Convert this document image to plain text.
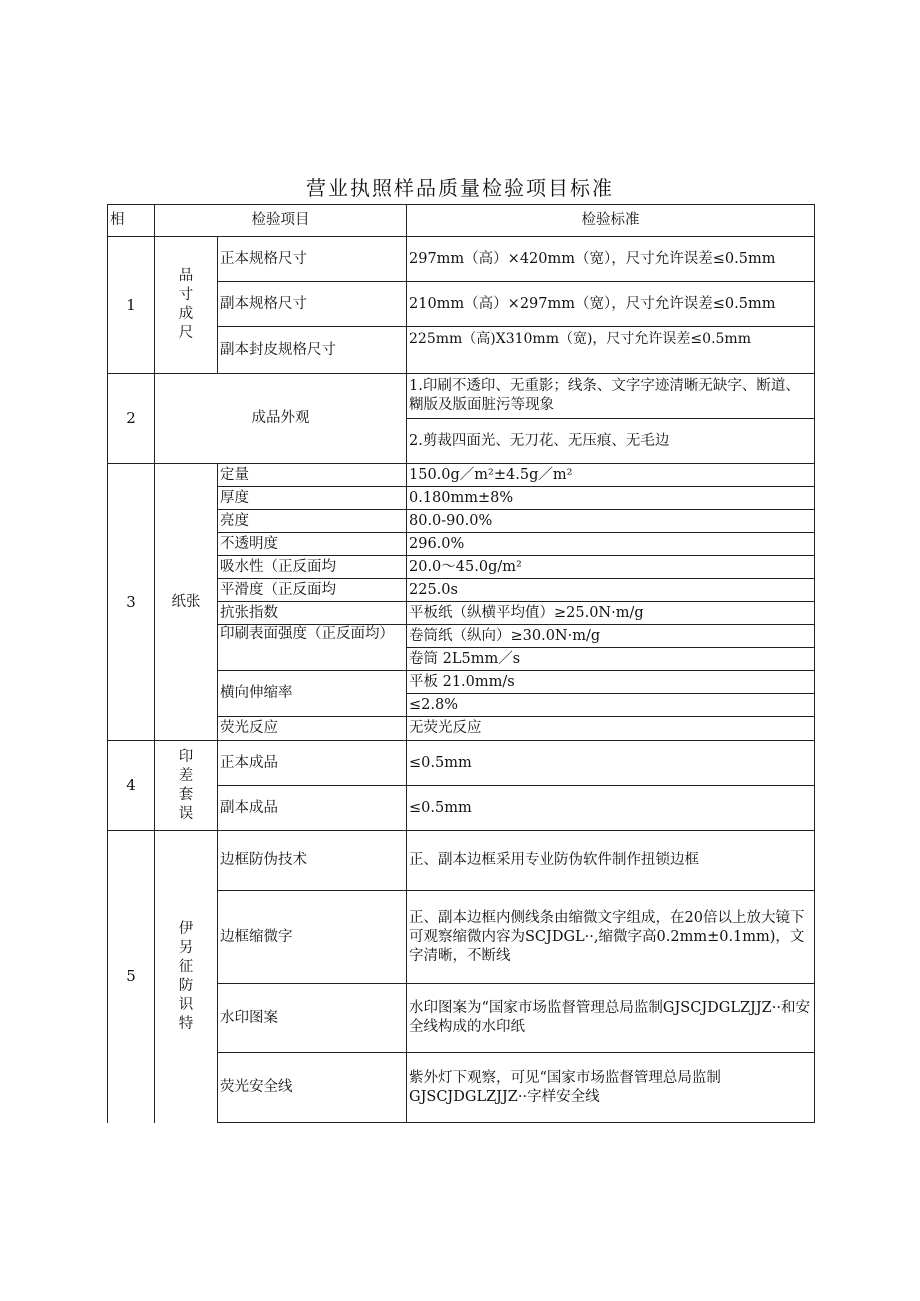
营业执照样品质量检验项目标准
相	检验项目		检验标准
1	品寸成尺	正本规格尺寸	297mm（高）×420mm（宽），尺寸允许误差≤0.5mm
		副本规格尺寸	210mm（高）×297mm（宽），尺寸允许误差≤0.5mm
		副本封皮规格尺寸	225mm（高)X310mm（宽)，尺寸允许误差≤0.5mm
2	成品外观		1.印刷不透印、无重影；线条、文字字迹清晰无缺字、断道、糊版及版面脏污等现象
			2.剪裁四面光、无刀花、无压痕、无毛边
3	纸张	定量	150.0g／m²±4.5g／m²
		厚度	0.180mm±8%
		亮度	80.0-90.0%
		不透明度	296.0%
		吸水性（正反面均	20.0～45.0g/m²
		平滑度（正反面均	225.0s
		抗张指数	平板纸（纵横平均值）≥25.0N·m/g
		印刷表面强度（正反面均）	卷筒纸（纵向）≥30.0N·m/g
			卷筒 2L5mm／s
		横向伸缩率	平板 21.0mm/s
			≤2.8%
		荧光反应	无荧光反应
4	印差套误	正本成品	≤0.5mm
		副本成品	≤0.5mm
5	伊另征防识特	边框防伪技术	正、副本边框采用专业防伪软件制作扭锁边框
		边框缩微字	正、副本边框内侧线条由缩微文字组成，在20倍以上放大镜下可观察缩微内容为SCJDGL··,缩微字高0.2mm±0.1mm)，文字清晰，不断线
		水印图案	水印图案为“国家市场监督管理总局监制GJSCJDGLZJJZ··和安全线构成的水印纸
		荧光安全线	紫外灯下观察，可见“国家市场监督管理总局监制GJSCJDGLZJJZ··字样安全线
